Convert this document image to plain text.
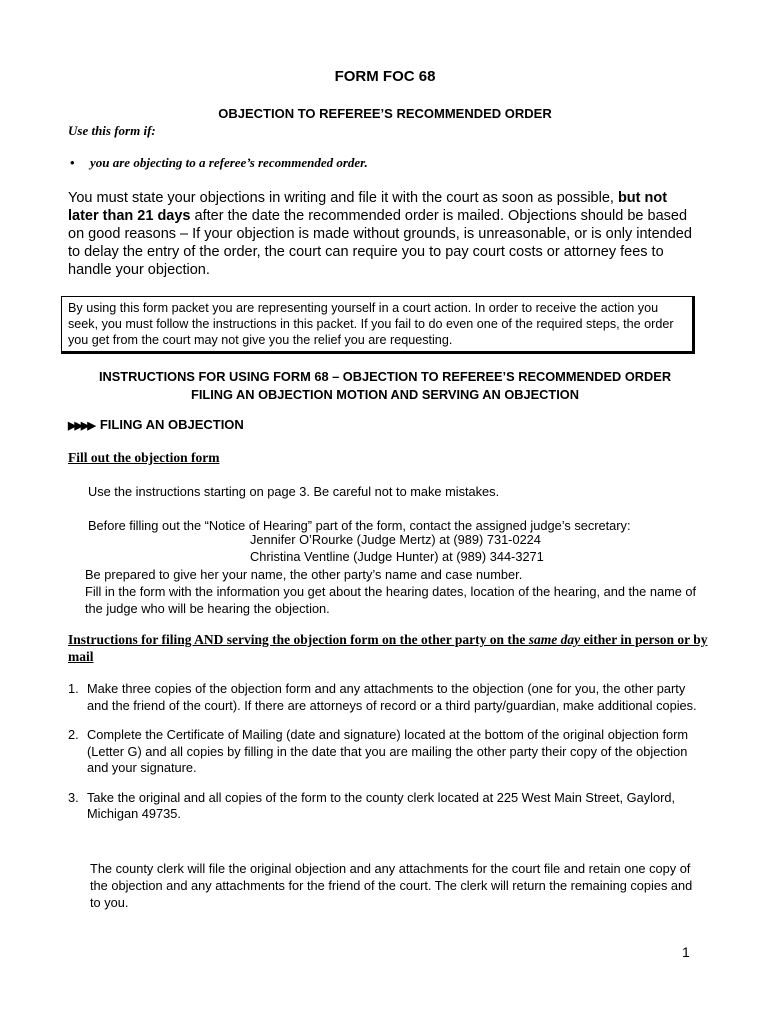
FORM FOC 68

OBJECTION TO REFEREE’S RECOMMENDED ORDER

Use this form if:

• you are objecting to a referee’s recommended order.

You must state your objections in writing and file it with the court as soon as possible, but not later than 21 days after the date the recommended order is mailed. Objections should be based on good reasons – If your objection is made without grounds, is unreasonable, or is only intended to delay the entry of the order, the court can require you to pay court costs or attorney fees to handle your objection.

By using this form packet you are representing yourself in a court action. In order to receive the action you seek, you must follow the instructions in this packet. If you fail to do even one of the required steps, the order you get from the court may not give you the relief you are requesting.
INSTRUCTIONS FOR USING FORM 68 – OBJECTION TO REFEREE’S RECOMMENDED ORDER
FILING AN OBJECTION MOTION AND SERVING AN OBJECTION

▶▶▶▶ FILING AN OBJECTION

Fill out the objection form

Use the instructions starting on page 3. Be careful not to make mistakes.

Before filling out the “Notice of Hearing” part of the form, contact the assigned judge’s secretary:

Jennifer O’Rourke (Judge Mertz) at (989) 731-0224

Christina Ventline (Judge Hunter) at (989) 344-3271

Be prepared to give her your name, the other party’s name and case number.
Fill in the form with the information you get about the hearing dates, location of the hearing, and the name of the judge who will be hearing the objection.

Instructions for filing AND serving the objection form on the other party on the same day either in person or by mail

1. Make three copies of the objection form and any attachments to the objection (one for you, the other party and the friend of the court). If there are attorneys of record or a third party/guardian, make additional copies.
2. Complete the Certificate of Mailing (date and signature) located at the bottom of the original objection form (Letter G) and all copies by filling in the date that you are mailing the other party their copy of the objection and your signature.
3. Take the original and all copies of the form to the county clerk located at 225 West Main Street, Gaylord, Michigan 49735.

The county clerk will file the original objection and any attachments for the court file and retain one copy of the objection and any attachments for the friend of the court. The clerk will return the remaining copies and to you.

1
